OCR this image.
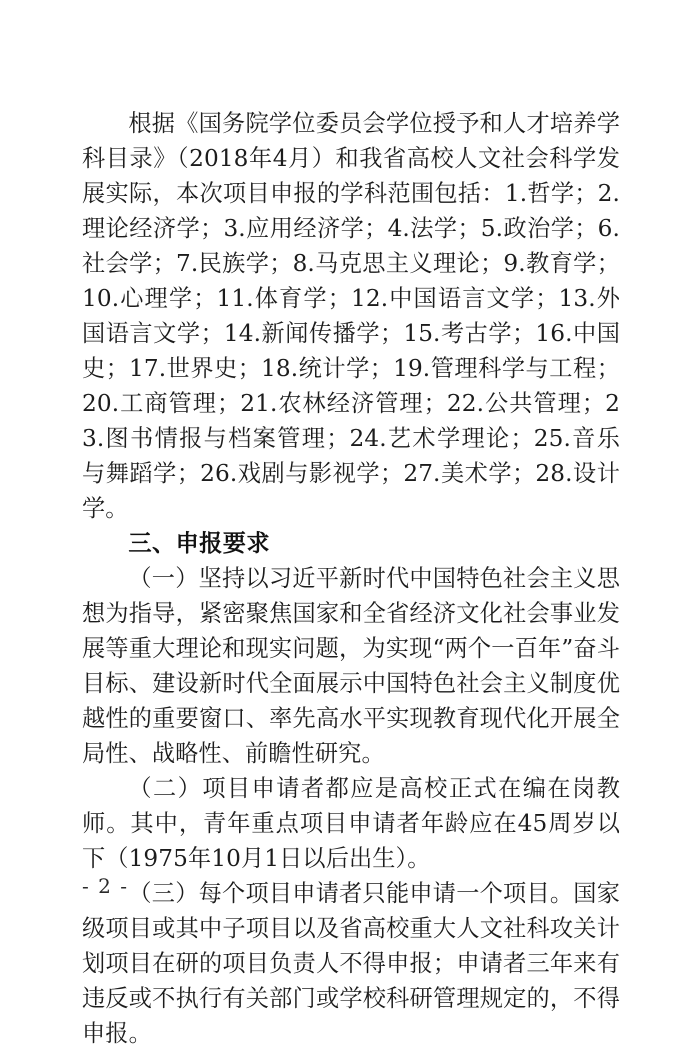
根据《国务院学位委员会学位授予和人才培养学科目录》（2018年4月）和我省高校人文社会科学发展实际，本次项目申报的学科范围包括：1.哲学；2.理论经济学；3.应用经济学；4.法学；5.政治学；6.社会学；7.民族学；8.马克思主义理论；9.教育学；10.心理学；11.体育学；12.中国语言文学；13.外国语言文学；14.新闻传播学；15.考古学；16.中国史；17.世界史；18.统计学；19.管理科学与工程；20.工商管理；21.农林经济管理；22.公共管理；23.图书情报与档案管理；24.艺术学理论；25.音乐与舞蹈学；26.戏剧与影视学；27.美术学；28.设计学。

三、申报要求

（一）坚持以习近平新时代中国特色社会主义思想为指导，紧密聚焦国家和全省经济文化社会事业发展等重大理论和现实问题，为实现“两个一百年”奋斗目标、建设新时代全面展示中国特色社会主义制度优越性的重要窗口、率先高水平实现教育现代化开展全局性、战略性、前瞻性研究。

（二）项目申请者都应是高校正式在编在岗教师。其中，青年重点项目申请者年龄应在45周岁以下（1975年10月1日以后出生）。

（三）每个项目申请者只能申请一个项目。国家级项目或其中子项目以及省高校重大人文社科攻关计划项目在研的项目负责人不得申报；申请者三年来有违反或不执行有关部门或学校科研管理规定的，不得申报。

- 2 -
